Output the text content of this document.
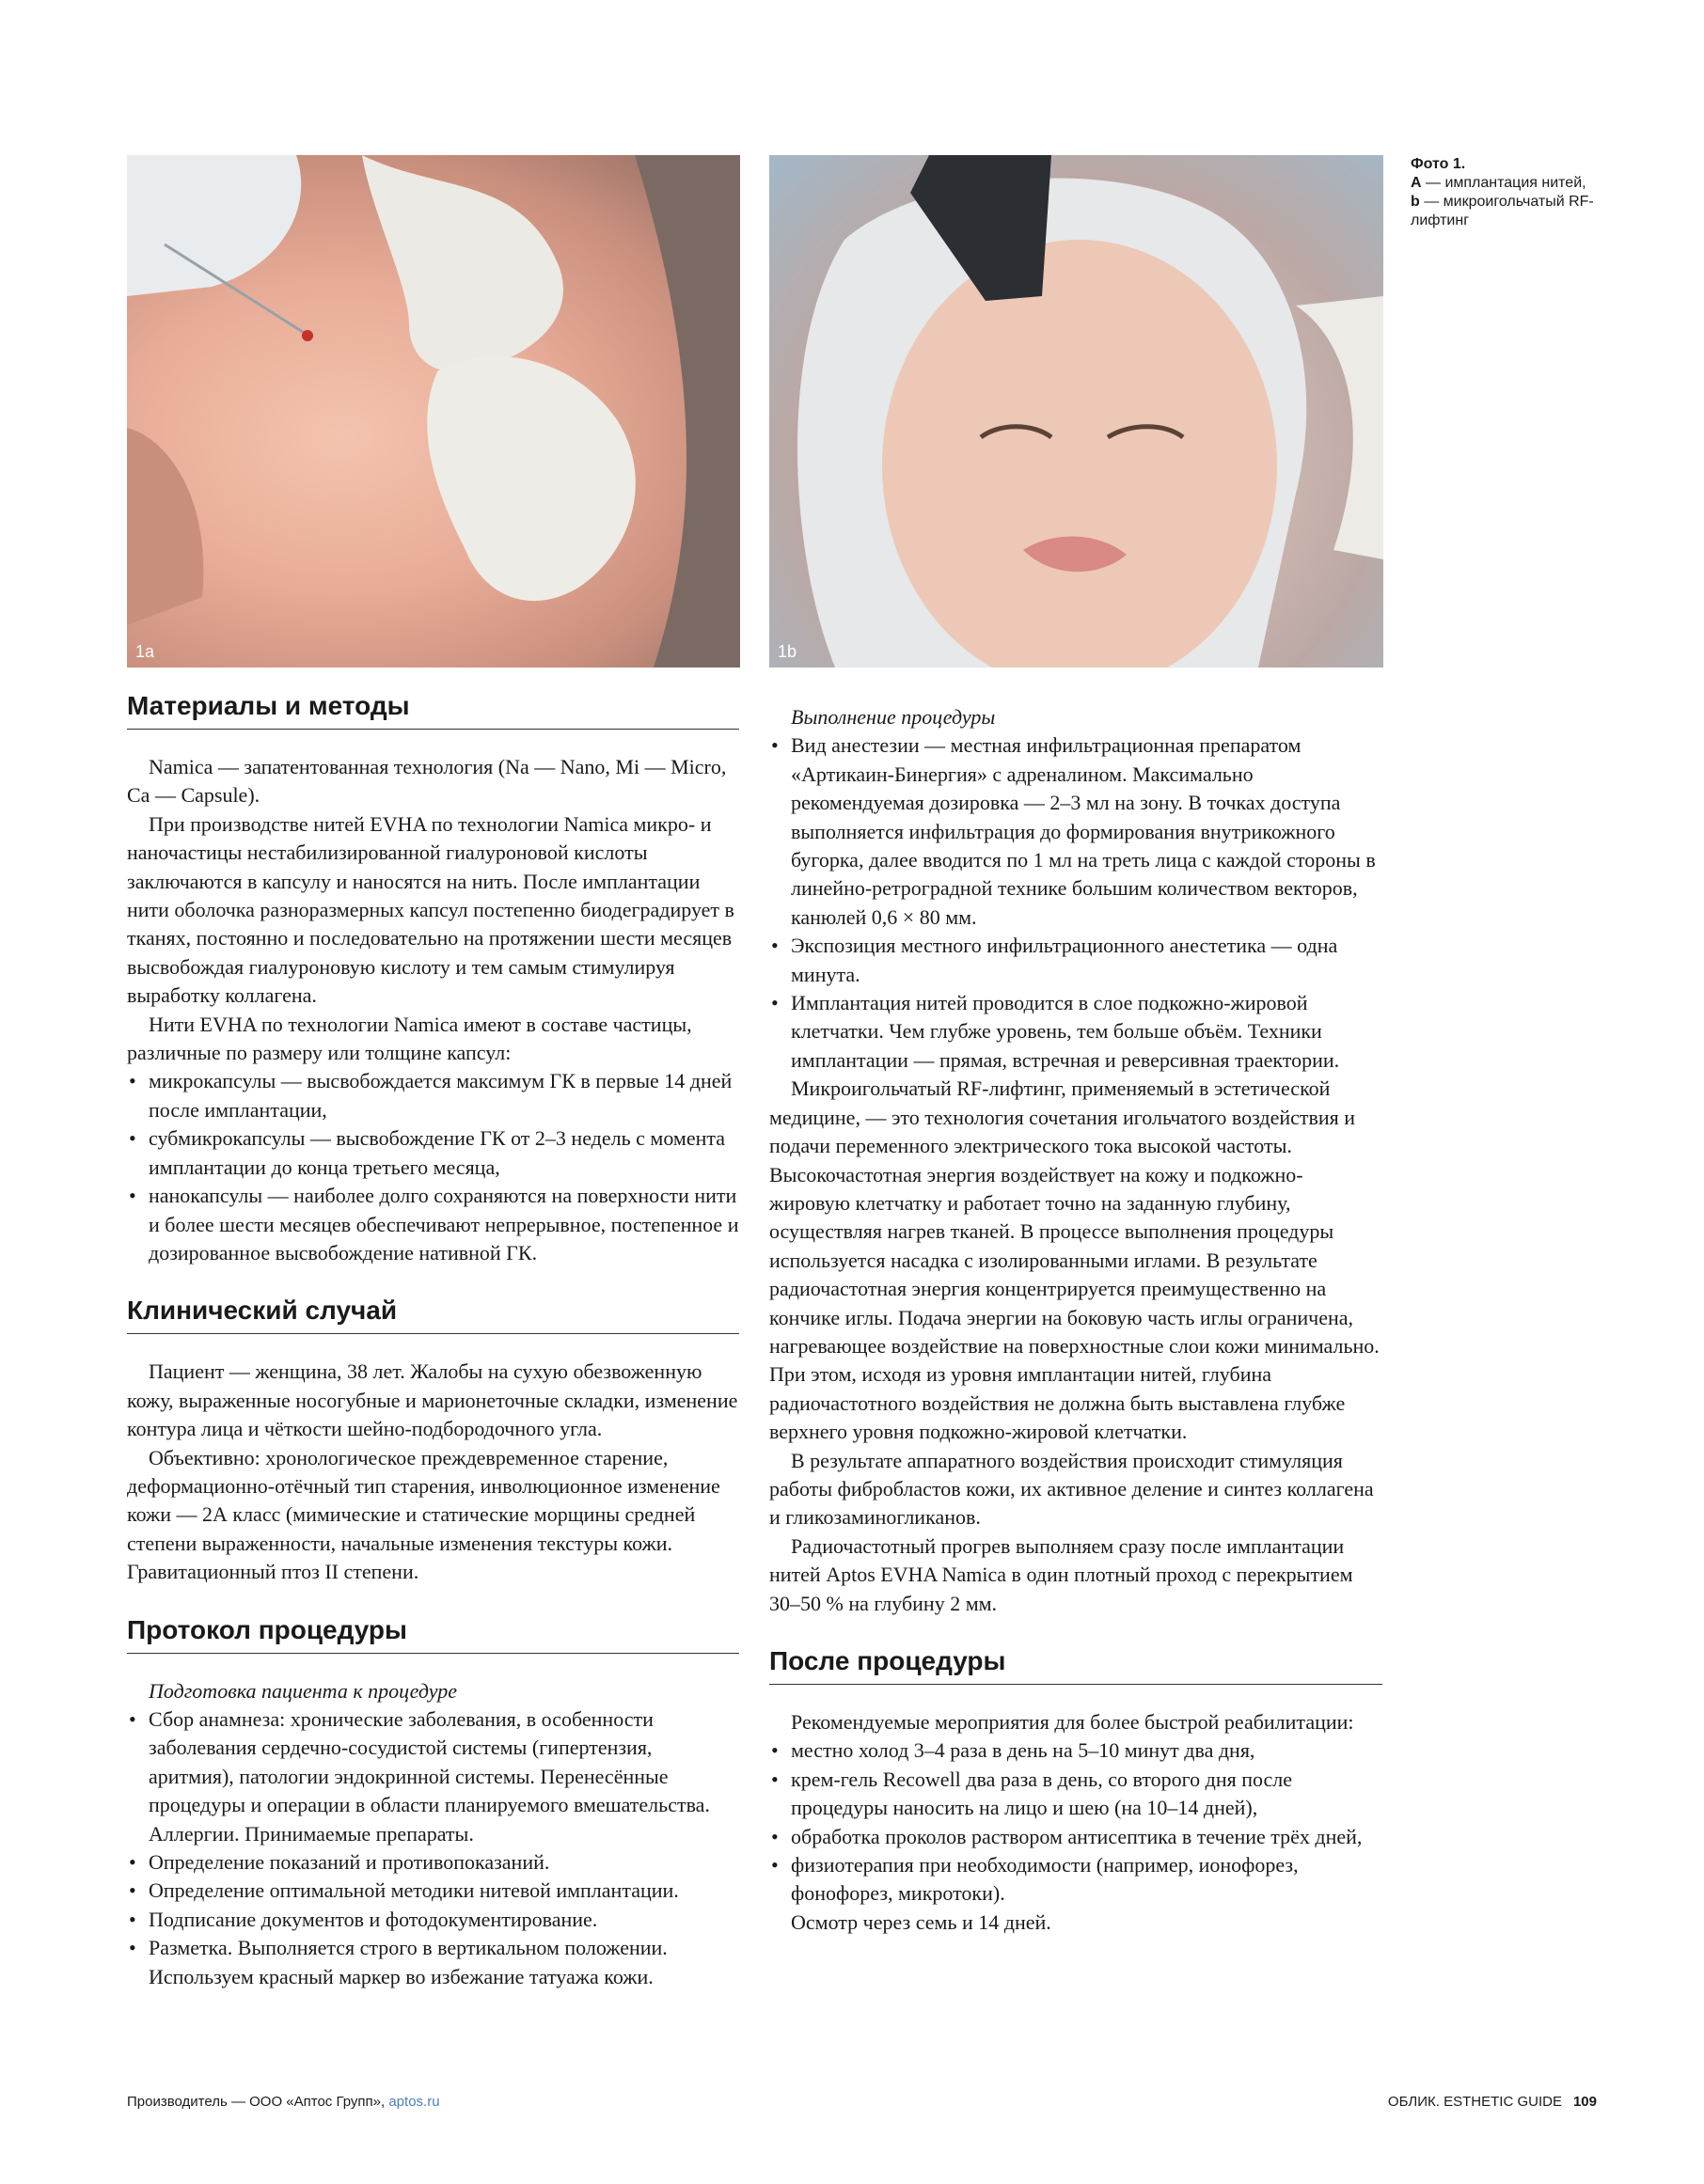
1a	1b
Фото 1.
A — имплантация нитей,
b — микроигольчатый RF-лифтинг
Материалы и методы

Namica — запатентованная технология (Na — Nano, Mi — Micro, Ca — Capsule).

При производстве нитей EVHA по технологии Namica микро- и наночастицы нестабилизированной гиалуроновой кислоты заключаются в капсулу и наносятся на нить. После имплантации нити оболочка разноразмерных капсул постепенно биодеградирует в тканях, постоянно и последовательно на протяжении шести месяцев высвобождая гиалуроновую кислоту и тем самым стимулируя выработку коллагена.

Нити EVHA по технологии Namica имеют в составе частицы, различные по размеру или толщине капсул:

• микрокапсулы — высвобождается максимум ГК в первые 14 дней после имплантации,
• субмикрокапсулы — высвобождение ГК от 2–3 недель с момента имплантации до конца третьего месяца,
• нанокапсулы — наиболее долго сохраняются на поверхности нити и более шести месяцев обеспечивают непрерывное, постепенное и дозированное высвобождение нативной ГК.
Клинический случай

Пациент — женщина, 38 лет. Жалобы на сухую обезвоженную кожу, выраженные носогубные и марионеточные складки, изменение контура лица и чёткости шейно-подбородочного угла.

Объективно: хронологическое преждевременное старение, деформационно-отёчный тип старения, инволюционное изменение кожи — 2А класс (мимические и статические морщины средней степени выраженности, начальные изменения текстуры кожи. Гравитационный птоз II степени.

Протокол процедуры

Подготовка пациента к процедуре

• Сбор анамнеза: хронические заболевания, в особенности заболевания сердечно-сосудистой системы (гипертензия, аритмия), патологии эндокринной системы. Перенесённые процедуры и операции в области планируемого вмешательства. Аллергии. Принимаемые препараты.
• Определение показаний и противопоказаний.
• Определение оптимальной методики нитевой имплантации.
• Подписание документов и фотодокументирование.
• Разметка. Выполняется строго в вертикальном положении. Используем красный маркер во избежание татуажа кожи.

Выполнение процедуры

• Вид анестезии — местная инфильтрационная препаратом «Артикаин-Бинергия» с адреналином. Максимально рекомендуемая дозировка — 2–3 мл на зону. В точках доступа выполняется инфильтрация до формирования внутрикожного бугорка, далее вводится по 1 мл на треть лица с каждой стороны в линейно-ретроградной технике большим количеством векторов, канюлей 0,6 × 80 мм.
• Экспозиция местного инфильтрационного анестетика — одна минута.
• Имплантация нитей проводится в слое подкожно-жировой клетчатки. Чем глубже уровень, тем больше объём. Техники имплантации — прямая, встречная и реверсивная траектории.

Микроигольчатый RF-лифтинг, применяемый в эстетической медицине, — это технология сочетания игольчатого воздействия и подачи переменного электрического тока высокой частоты. Высокочастотная энергия воздействует на кожу и подкожно-жировую клетчатку и работает точно на заданную глубину, осуществляя нагрев тканей. В процессе выполнения процедуры используется насадка с изолированными иглами. В результате радиочастотная энергия концентрируется преимущественно на кончике иглы. Подача энергии на боковую часть иглы ограничена, нагревающее воздействие на поверхностные слои кожи минимально. При этом, исходя из уровня имплантации нитей, глубина радиочастотного воздействия не должна быть выставлена глубже верхнего уровня подкожно-жировой клетчатки.

В результате аппаратного воздействия происходит стимуляция работы фибробластов кожи, их активное деление и синтез коллагена и гликозаминогликанов.

Радиочастотный прогрев выполняем сразу после имплантации нитей Aptos EVHA Namica в один плотный проход с перекрытием 30–50 % на глубину 2 мм.

После процедуры

Рекомендуемые мероприятия для более быстрой реабилитации:

• местно холод 3–4 раза в день на 5–10 минут два дня,
• крем-гель Recowell два раза в день, со второго дня после процедуры наносить на лицо и шею (на 10–14 дней),
• обработка проколов раствором антисептика в течение трёх дней,
• физиотерапия при необходимости (например, ионофорез, фонофорез, микротоки).

Осмотр через семь и 14 дней.

Производитель — ООО «Аптос Групп», aptos.ru	ОБЛИК. ESTHETIC GUIDE 109
